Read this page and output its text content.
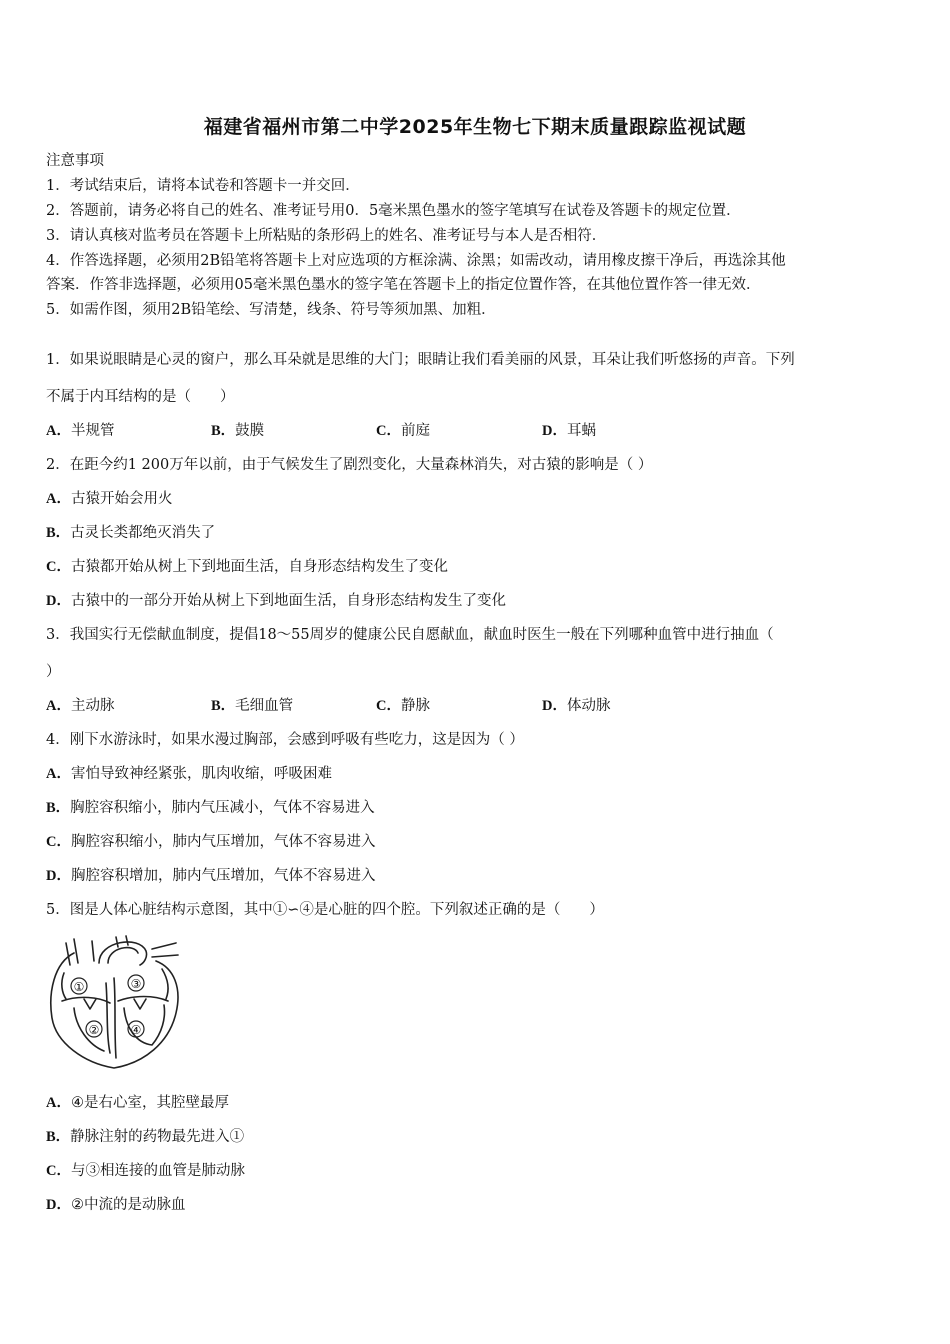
福建省福州市第二中学2025年生物七下期末质量跟踪监视试题
注意事项
1．考试结束后，请将本试卷和答题卡一并交回．
2．答题前，请务必将自己的姓名、准考证号用0．5毫米黑色墨水的签字笔填写在试卷及答题卡的规定位置．
3．请认真核对监考员在答题卡上所粘贴的条形码上的姓名、准考证号与本人是否相符．
4．作答选择题，必须用2B铅笔将答题卡上对应选项的方框涂满、涂黑；如需改动，请用橡皮擦干净后，再选涂其他
答案．作答非选择题，必须用05毫米黑色墨水的签字笔在答题卡上的指定位置作答，在其他位置作答一律无效．
5．如需作图，须用2B铅笔绘、写清楚，线条、符号等须加黑、加粗．
1．如果说眼睛是心灵的窗户，那么耳朵就是思维的大门；眼睛让我们看美丽的风景，耳朵让我们听悠扬的声音。下列
不属于内耳结构的是（　　）
A．半规管	B．鼓膜	C．前庭	D．耳蜗
2．在距今约1 200万年以前，由于气候发生了剧烈变化，大量森林消失，对古猿的影响是（ ）
A．古猿开始会用火
B．古灵长类都绝灭消失了
C．古猿都开始从树上下到地面生活，自身形态结构发生了变化
D．古猿中的一部分开始从树上下到地面生活，自身形态结构发生了变化
3．我国实行无偿献血制度，提倡18～55周岁的健康公民自愿献血，献血时医生一般在下列哪种血管中进行抽血（
）
A．主动脉	B．毛细血管	C．静脉	D．体动脉
4．刚下水游泳时，如果水漫过胸部，会感到呼吸有些吃力，这是因为（ ）
A．害怕导致神经紧张，肌肉收缩，呼吸困难
B．胸腔容积缩小，肺内气压减小，气体不容易进入
C．胸腔容积缩小，肺内气压增加，气体不容易进入
D．胸腔容积增加，肺内气压增加，气体不容易进入
5．图是人体心脏结构示意图，其中①∽④是心脏的四个腔。下列叙述正确的是（　　）
①
②
③
④
A．④是右心室，其腔壁最厚
B．静脉注射的药物最先进入①
C．与③相连接的血管是肺动脉
D．②中流的是动脉血
